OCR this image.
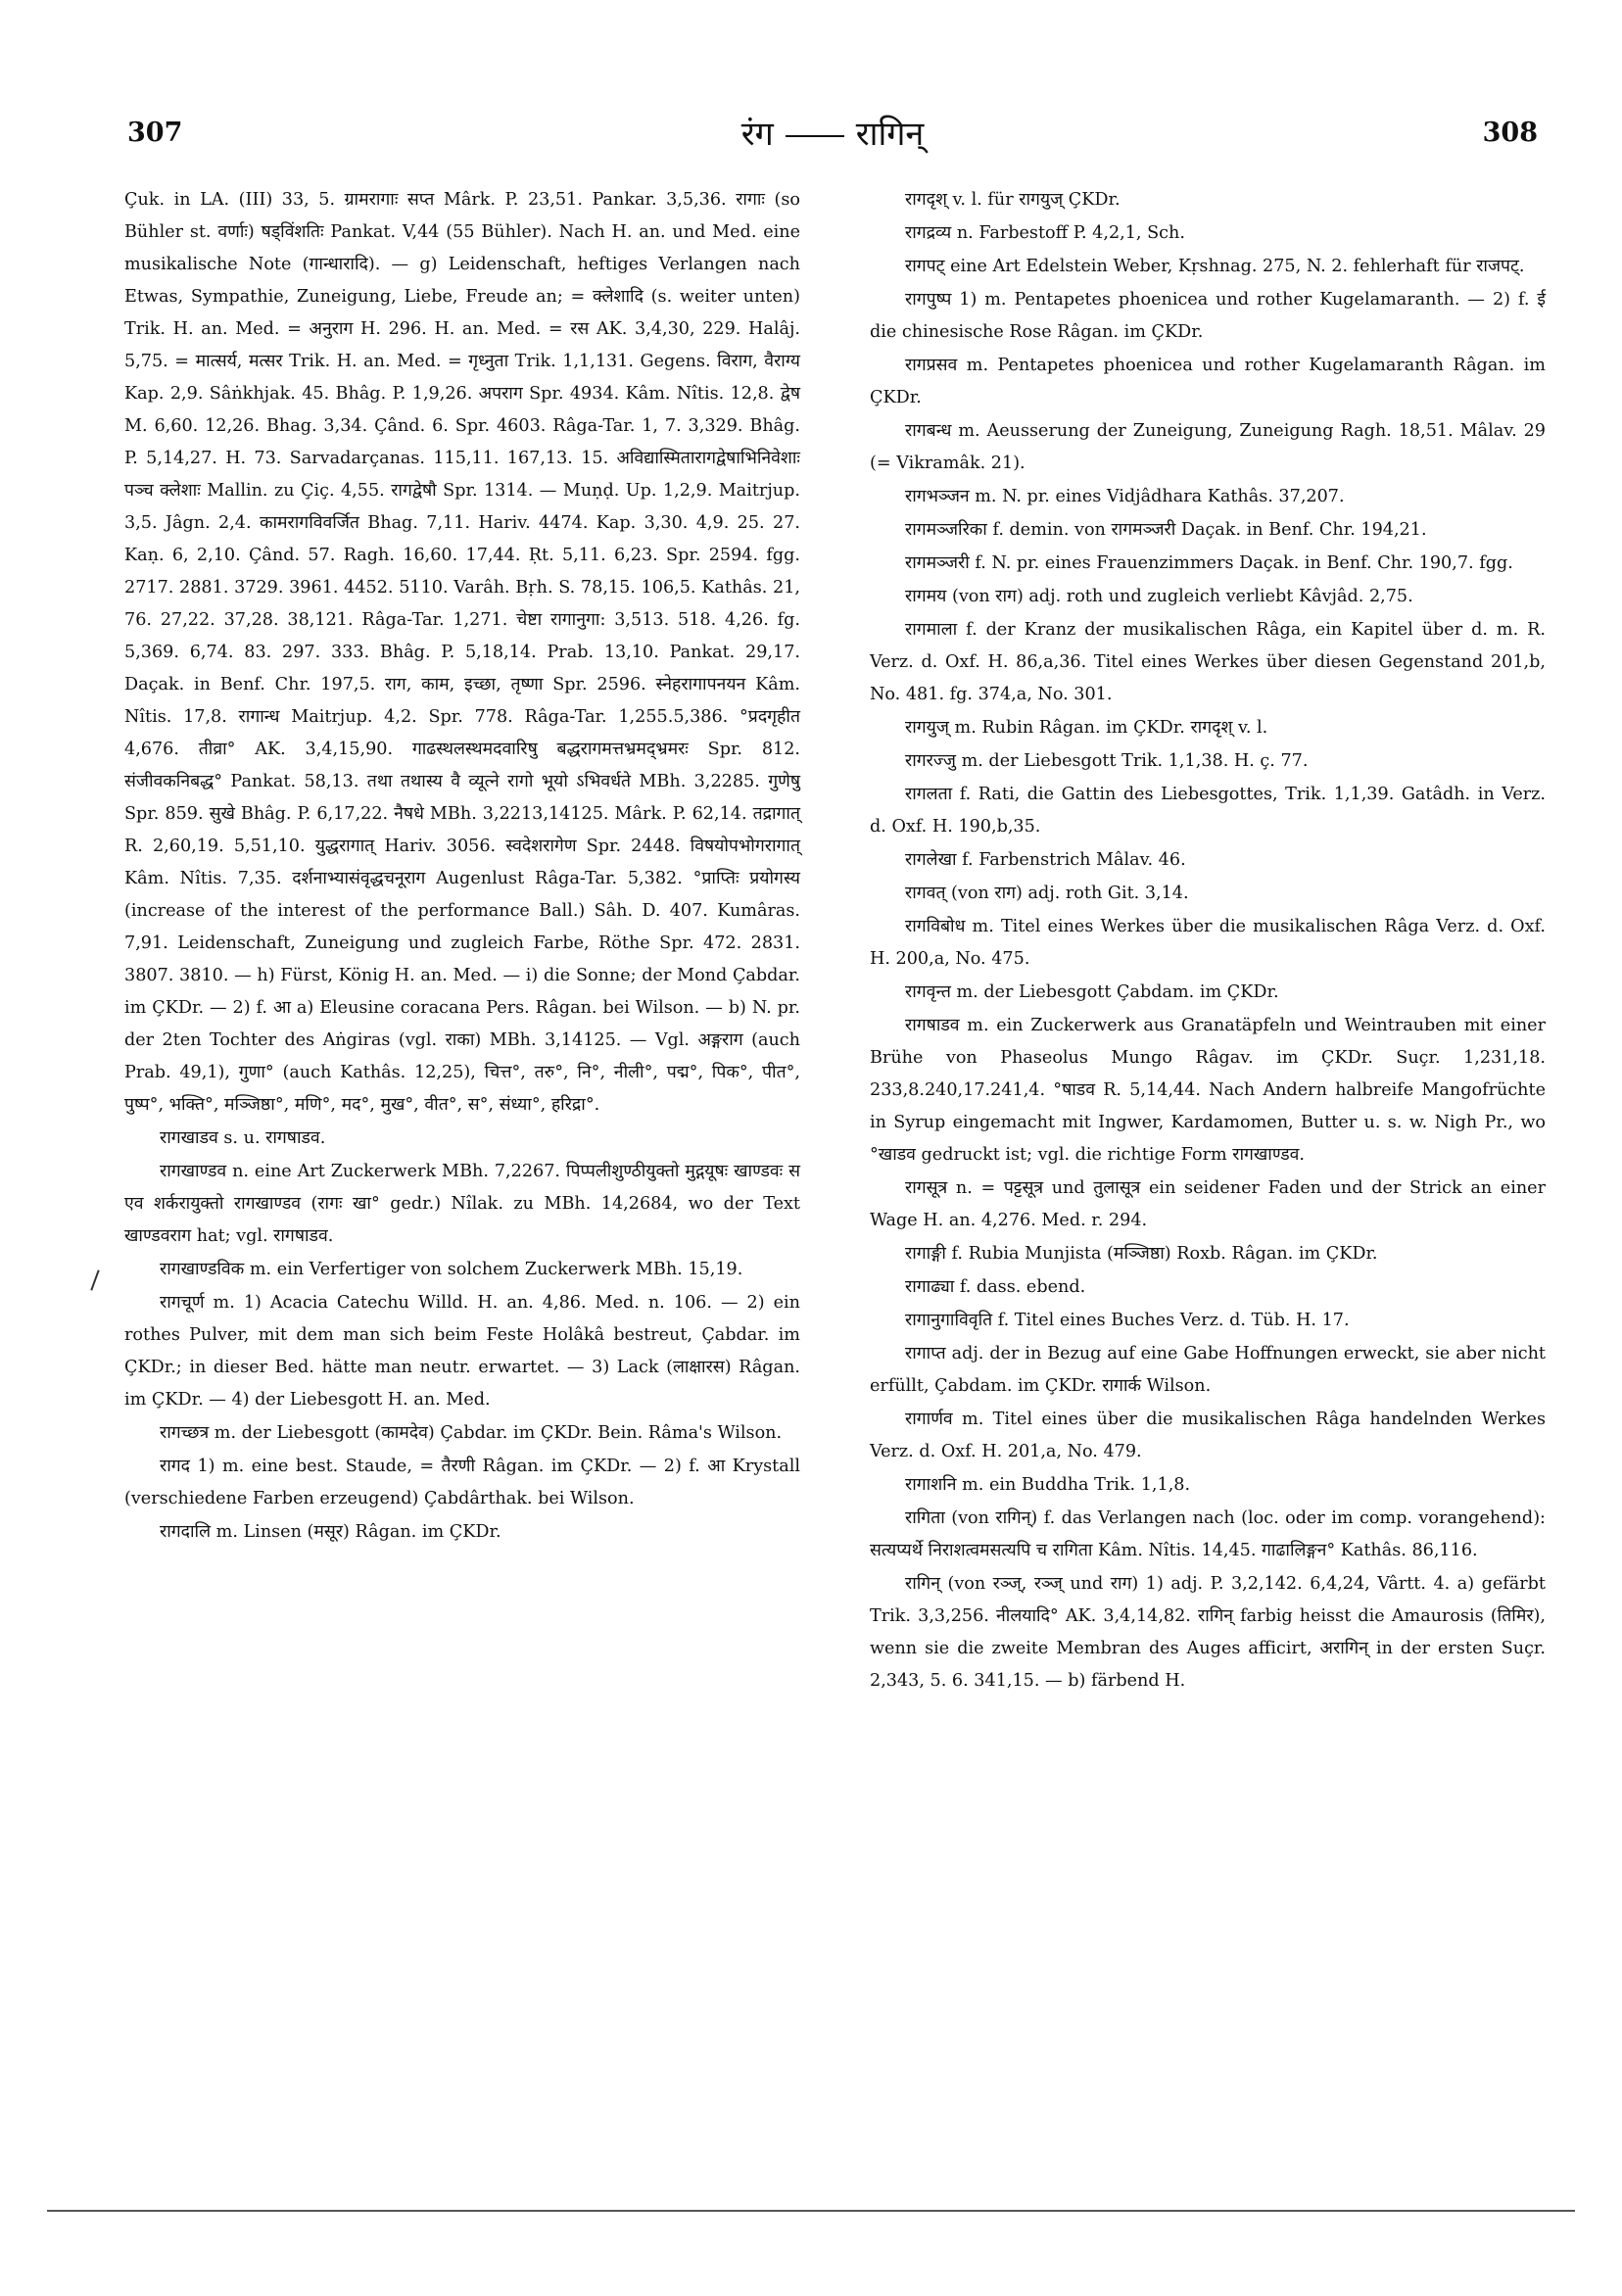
307	रंग रागिन्	308

Çuk. in LA. (III) 33, 5. ग्रामरागाः सप्त Mârk. P. 23,51. Pankar. 3,5,36. रागाः (so Bühler st. वर्णाः) षड्विंशतिः Pankat. V,44 (55 Bühler). Nach H. an. und Med. eine musikalische Note (गान्धारादि). — g) Leidenschaft, heftiges Verlangen nach Etwas, Sympathie, Zuneigung, Liebe, Freude an; = क्लेशादि (s. weiter unten) Trik. H. an. Med. = अनुराग H. 296. H. an. Med. = रस AK. 3,4,30, 229. Halâj. 5,75. = मात्सर्य, मत्सर Trik. H. an. Med. = गृध्नुता Trik. 1,1,131. Gegens. विराग, वैराग्य Kap. 2,9. Sâṅkhjak. 45. Bhâg. P. 1,9,26. अपराग Spr. 4934. Kâm. Nîtis. 12,8. द्वेष M. 6,60. 12,26. Bhag. 3,34. Çând. 6. Spr. 4603. Râga-Tar. 1, 7. 3,329. Bhâg. P. 5,14,27. H. 73. Sarvadarçanas. 115,11. 167,13. 15. अविद्यास्मितारागद्वेषाभिनिवेशाः पञ्च क्लेशाः Mallin. zu Çiç. 4,55. रागद्वेषौ Spr. 1314. — Muṇḍ. Up. 1,2,9. Maitrjup. 3,5. Jâgn. 2,4. कामरागविवर्जित Bhag. 7,11. Hariv. 4474. Kap. 3,30. 4,9. 25. 27. Kaṇ. 6, 2,10. Çând. 57. Ragh. 16,60. 17,44. Ṛt. 5,11. 6,23. Spr. 2594. fgg. 2717. 2881. 3729. 3961. 4452. 5110. Varâh. Bṛh. S. 78,15. 106,5. Kathâs. 21, 76. 27,22. 37,28. 38,121. Râga-Tar. 1,271. चेष्टा रागानुगा: 3,513. 518. 4,26. fg. 5,369. 6,74. 83. 297. 333. Bhâg. P. 5,18,14. Prab. 13,10. Pankat. 29,17. Daçak. in Benf. Chr. 197,5. राग, काम, इच्छा, तृष्णा Spr. 2596. स्नेहरागापनयन Kâm. Nîtis. 17,8. रागान्ध Maitrjup. 4,2. Spr. 778. Râga-Tar. 1,255.5,386. °प्रदगृहीत 4,676. तीव्रा° AK. 3,4,15,90. गाढस्थलस्थमदवारिषु बद्धरागमत्तभ्रमद्भ्रमरः Spr. 812. संजीवकनिबद्ध° Pankat. 58,13. तथा तथास्य वै व्यूत्ने रागो भूयो ऽभिवर्धते MBh. 3,2285. गुणेषु Spr. 859. सुखे Bhâg. P. 6,17,22. नैषधे MBh. 3,2213,14125. Mârk. P. 62,14. तद्रागात् R. 2,60,19. 5,51,10. युद्धरागात् Hariv. 3056. स्वदेशरागेण Spr. 2448. विषयोपभोगरागात् Kâm. Nîtis. 7,35. दर्शनाभ्यासंवृद्धचनूराग Augenlust Râga-Tar. 5,382. °प्राप्तिः प्रयोगस्य (increase of the interest of the performance Ball.) Sâh. D. 407. Kumâras. 7,91. Leidenschaft, Zuneigung und zugleich Farbe, Röthe Spr. 472. 2831. 3807. 3810. — h) Fürst, König H. an. Med. — i) die Sonne; der Mond Çabdar. im ÇKDr. — 2) f. आ a) Eleusine coracana Pers. Râgan. bei Wilson. — b) N. pr. der 2ten Tochter des Aṅgiras (vgl. राका) MBh. 3,14125. — Vgl. अङ्गराग (auch Prab. 49,1), गुणा° (auch Kathâs. 12,25), चित्त°, तरु°, नि°, नीली°, पद्म°, पिक°, पीत°, पुष्प°, भक्ति°, मञ्जिष्ठा°, मणि°, मद°, मुख°, वीत°, स°, संध्या°, हरिद्रा°.

रागखाडव s. u. रागषाडव.

रागखाण्डव n. eine Art Zuckerwerk MBh. 7,2267. पिप्पलीशुण्ठीयुक्तो मुद्गयूषः खाण्डवः स एव शर्करायुक्तो रागखाण्डव (रागः खा° gedr.) Nîlak. zu MBh. 14,2684, wo der Text खाण्डवराग hat; vgl. रागषाडव.

रागखाण्डविक m. ein Verfertiger von solchem Zuckerwerk MBh. 15,19.

रागचूर्ण m. 1) Acacia Catechu Willd. H. an. 4,86. Med. n. 106. — 2) ein rothes Pulver, mit dem man sich beim Feste Holâkâ bestreut, Çabdar. im ÇKDr.; in dieser Bed. hätte man neutr. erwartet. — 3) Lack (लाक्षारस) Râgan. im ÇKDr. — 4) der Liebesgott H. an. Med.

रागच्छत्र m. der Liebesgott (कामदेव) Çabdar. im ÇKDr. Bein. Râma's Wilson.

रागद 1) m. eine best. Staude, = तैरणी Râgan. im ÇKDr. — 2) f. आ Krystall (verschiedene Farben erzeugend) Çabdârthak. bei Wilson.

रागदालि m. Linsen (मसूर) Râgan. im ÇKDr.

रागदृश् v. l. für रागयुज् ÇKDr.

रागद्रव्य n. Farbestoff P. 4,2,1, Sch.

रागपट् eine Art Edelstein Weber, Kṛshnag. 275, N. 2. fehlerhaft für राजपट्.

रागपुष्प 1) m. Pentapetes phoenicea und rother Kugelamaranth. — 2) f. ई die chinesische Rose Râgan. im ÇKDr.

रागप्रसव m. Pentapetes phoenicea und rother Kugelamaranth Râgan. im ÇKDr.

रागबन्ध m. Aeusserung der Zuneigung, Zuneigung Ragh. 18,51. Mâlav. 29 (= Vikramâk. 21).

रागभञ्जन m. N. pr. eines Vidjâdhara Kathâs. 37,207.

रागमञ्जरिका f. demin. von रागमञ्जरी Daçak. in Benf. Chr. 194,21.

रागमञ्जरी f. N. pr. eines Frauenzimmers Daçak. in Benf. Chr. 190,7. fgg.

रागमय (von राग) adj. roth und zugleich verliebt Kâvjâd. 2,75.

रागमाला f. der Kranz der musikalischen Râga, ein Kapitel über d. m. R. Verz. d. Oxf. H. 86,a,36. Titel eines Werkes über diesen Gegenstand 201,b, No. 481. fg. 374,a, No. 301.

रागयुज् m. Rubin Râgan. im ÇKDr. रागदृश् v. l.

रागरज्जु m. der Liebesgott Trik. 1,1,38. H. ç. 77.

रागलता f. Rati, die Gattin des Liebesgottes, Trik. 1,1,39. Gatâdh. in Verz. d. Oxf. H. 190,b,35.

रागलेखा f. Farbenstrich Mâlav. 46.

रागवत् (von राग) adj. roth Git. 3,14.

रागविबोध m. Titel eines Werkes über die musikalischen Râga Verz. d. Oxf. H. 200,a, No. 475.

रागवृन्त m. der Liebesgott Çabdam. im ÇKDr.

रागषाडव m. ein Zuckerwerk aus Granatäpfeln und Weintrauben mit einer Brühe von Phaseolus Mungo Râgav. im ÇKDr. Suçr. 1,231,18. 233,8.240,17.241,4. °षाडव R. 5,14,44. Nach Andern halbreife Mangofrüchte in Syrup eingemacht mit Ingwer, Kardamomen, Butter u. s. w. Nigh Pr., wo °खाडव gedruckt ist; vgl. die richtige Form रागखाण्डव.

रागसूत्र n. = पट्टसूत्र und तुलासूत्र ein seidener Faden und der Strick an einer Wage H. an. 4,276. Med. r. 294.

रागाङ्गी f. Rubia Munjista (मञ्जिष्ठा) Roxb. Râgan. im ÇKDr.

रागाढ्या f. dass. ebend.

रागानुगाविवृति f. Titel eines Buches Verz. d. Tüb. H. 17.

रागाप्त adj. der in Bezug auf eine Gabe Hoffnungen erweckt, sie aber nicht erfüllt, Çabdam. im ÇKDr. रागार्क Wilson.

रागार्णव m. Titel eines über die musikalischen Râga handelnden Werkes Verz. d. Oxf. H. 201,a, No. 479.

रागाशनि m. ein Buddha Trik. 1,1,8.

रागिता (von रागिन्) f. das Verlangen nach (loc. oder im comp. vorangehend): सत्यप्यर्थे निराशत्वमसत्यपि च रागिता Kâm. Nîtis. 14,45. गाढालिङ्गन° Kathâs. 86,116.

रागिन् (von रञ्ज्, रञ्ज् und राग) 1) adj. P. 3,2,142. 6,4,24, Vârtt. 4. a) gefärbt Trik. 3,3,256. नीलयादि° AK. 3,4,14,82. रागिन् farbig heisst die Amaurosis (तिमिर), wenn sie die zweite Membran des Auges afficirt, अरागिन् in der ersten Suçr. 2,343, 5. 6. 341,15. — b) färbend H.
